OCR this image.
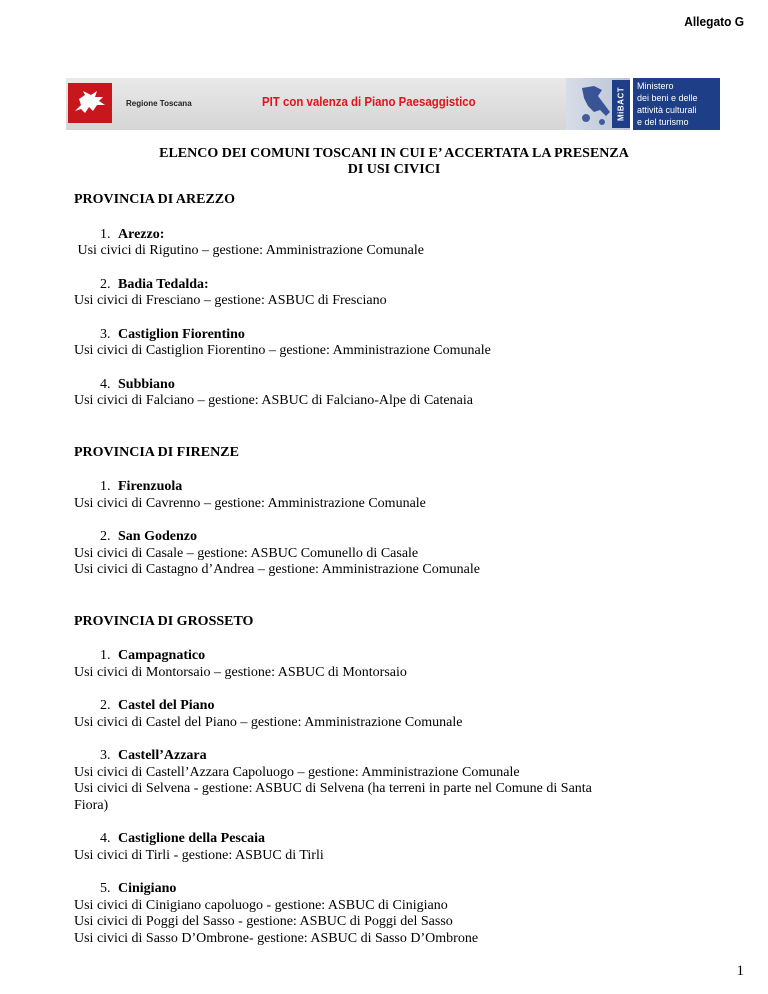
Allegato G
Regione Toscana	PIT con valenza di Piano Paesaggistico	MiBACT
Ministero
dei beni e delle
attività culturali
e del turismo
ELENCO DEI COMUNI TOSCANI IN CUI E’ ACCERTATA LA PRESENZA
DI USI CIVICI
PROVINCIA DI AREZZO
1. Arezzo:
Usi civici di Rigutino – gestione: Amministrazione Comunale
2. Badia Tedalda:
Usi civici di Fresciano – gestione: ASBUC di Fresciano
3. Castiglion Fiorentino
Usi civici di Castiglion Fiorentino – gestione: Amministrazione Comunale
4. Subbiano
Usi civici di Falciano – gestione: ASBUC di Falciano-Alpe di Catenaia
PROVINCIA DI FIRENZE
1. Firenzuola
Usi civici di Cavrenno – gestione: Amministrazione Comunale
2. San Godenzo
Usi civici di Casale – gestione: ASBUC Comunello di Casale
Usi civici di Castagno d’Andrea – gestione: Amministrazione Comunale
PROVINCIA DI GROSSETO
1. Campagnatico
Usi civici di Montorsaio – gestione: ASBUC di Montorsaio
2. Castel del Piano
Usi civici di Castel del Piano – gestione: Amministrazione Comunale
3. Castell’Azzara
Usi civici di Castell’Azzara Capoluogo – gestione: Amministrazione Comunale
Usi civici di Selvena - gestione: ASBUC di Selvena (ha terreni in parte nel Comune di Santa
Fiora)
4. Castiglione della Pescaia
Usi civici di Tirli - gestione: ASBUC di Tirli
5. Cinigiano
Usi civici di Cinigiano capoluogo - gestione: ASBUC di Cinigiano
Usi civici di Poggi del Sasso - gestione: ASBUC di Poggi del Sasso
Usi civici di Sasso D’Ombrone- gestione: ASBUC di Sasso D’Ombrone
1
